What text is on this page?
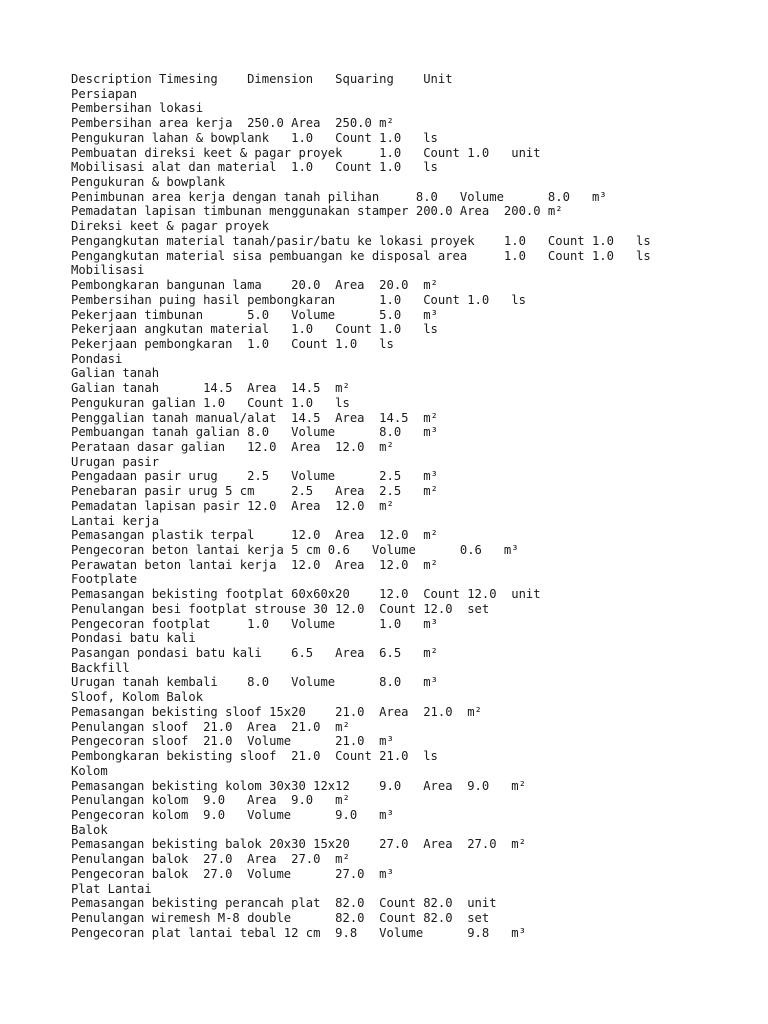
Description Timesing    Dimension   Squaring    Unit
Persiapan
Pembersihan lokasi
Pembersihan area kerja  250.0 Area  250.0 m²
Pengukuran lahan & bowplank   1.0   Count 1.0   ls
Pembuatan direksi keet & pagar proyek     1.0   Count 1.0   unit
Mobilisasi alat dan material  1.0   Count 1.0   ls
Pengukuran & bowplank
Penimbunan area kerja dengan tanah pilihan     8.0   Volume      8.0   m³
Pemadatan lapisan timbunan menggunakan stamper 200.0 Area  200.0 m²
Direksi keet & pagar proyek
Pengangkutan material tanah/pasir/batu ke lokasi proyek    1.0   Count 1.0   ls
Pengangkutan material sisa pembuangan ke disposal area     1.0   Count 1.0   ls
Mobilisasi
Pembongkaran bangunan lama    20.0  Area  20.0  m²
Pembersihan puing hasil pembongkaran      1.0   Count 1.0   ls
Pekerjaan timbunan      5.0   Volume      5.0   m³
Pekerjaan angkutan material   1.0   Count 1.0   ls
Pekerjaan pembongkaran  1.0   Count 1.0   ls
Pondasi
Galian tanah
Galian tanah      14.5  Area  14.5  m²
Pengukuran galian 1.0   Count 1.0   ls
Penggalian tanah manual/alat  14.5  Area  14.5  m²
Pembuangan tanah galian 8.0   Volume      8.0   m³
Perataan dasar galian   12.0  Area  12.0  m²
Urugan pasir
Pengadaan pasir urug    2.5   Volume      2.5   m³
Penebaran pasir urug 5 cm     2.5   Area  2.5   m²
Pemadatan lapisan pasir 12.0  Area  12.0  m²
Lantai kerja
Pemasangan plastik terpal     12.0  Area  12.0  m²
Pengecoran beton lantai kerja 5 cm 0.6   Volume      0.6   m³
Perawatan beton lantai kerja  12.0  Area  12.0  m²
Footplate
Pemasangan bekisting footplat 60x60x20    12.0  Count 12.0  unit
Penulangan besi footplat strouse 30 12.0  Count 12.0  set
Pengecoran footplat     1.0   Volume      1.0   m³
Pondasi batu kali
Pasangan pondasi batu kali    6.5   Area  6.5   m²
Backfill
Urugan tanah kembali    8.0   Volume      8.0   m³
Sloof, Kolom Balok
Pemasangan bekisting sloof 15x20    21.0  Area  21.0  m²
Penulangan sloof  21.0  Area  21.0  m²
Pengecoran sloof  21.0  Volume      21.0  m³
Pembongkaran bekisting sloof  21.0  Count 21.0  ls
Kolom
Pemasangan bekisting kolom 30x30 12x12    9.0   Area  9.0   m²
Penulangan kolom  9.0   Area  9.0   m²
Pengecoran kolom  9.0   Volume      9.0   m³
Balok
Pemasangan bekisting balok 20x30 15x20    27.0  Area  27.0  m²
Penulangan balok  27.0  Area  27.0  m²
Pengecoran balok  27.0  Volume      27.0  m³
Plat Lantai
Pemasangan bekisting perancah plat  82.0  Count 82.0  unit
Penulangan wiremesh M-8 double      82.0  Count 82.0  set
Pengecoran plat lantai tebal 12 cm  9.8   Volume      9.8   m³
